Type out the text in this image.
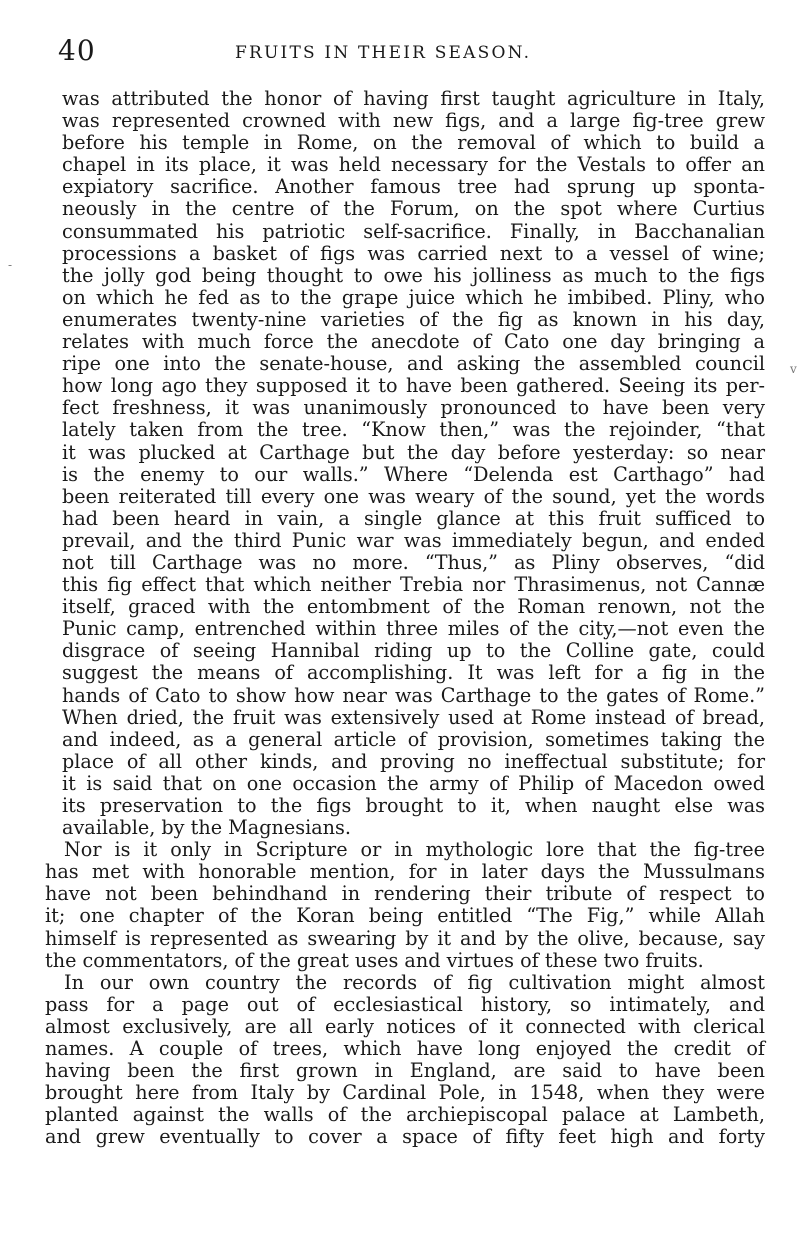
40	FRUITS IN THEIR SEASON.
was attributed the honor of having first taught agriculture in Italy,
was represented crowned with new figs, and a large fig-tree grew
before his temple in Rome, on the removal of which to build a
chapel in its place, it was held necessary for the Vestals to offer an
expiatory sacrifice. Another famous tree had sprung up sponta-
neously in the centre of the Forum, on the spot where Curtius
consummated his patriotic self-sacrifice. Finally, in Bacchanalian
processions a basket of figs was carried next to a vessel of wine;
the jolly god being thought to owe his jolliness as much to the figs
on which he fed as to the grape juice which he imbibed. Pliny, who
enumerates twenty-nine varieties of the fig as known in his day,
relates with much force the anecdote of Cato one day bringing a
ripe one into the senate-house, and asking the assembled council
how long ago they supposed it to have been gathered. Seeing its per-
fect freshness, it was unanimously pronounced to have been very
lately taken from the tree. “Know then,” was the rejoinder, “that
it was plucked at Carthage but the day before yesterday: so near
is the enemy to our walls.” Where “Delenda est Carthago” had
been reiterated till every one was weary of the sound, yet the words
had been heard in vain, a single glance at this fruit sufficed to
prevail, and the third Punic war was immediately begun, and ended
not till Carthage was no more. “Thus,” as Pliny observes, “did
this fig effect that which neither Trebia nor Thrasimenus, not Cannæ
itself, graced with the entombment of the Roman renown, not the
Punic camp, entrenched within three miles of the city,—not even the
disgrace of seeing Hannibal riding up to the Colline gate, could
suggest the means of accomplishing. It was left for a fig in the
hands of Cato to show how near was Carthage to the gates of Rome.”
When dried, the fruit was extensively used at Rome instead of bread,
and indeed, as a general article of provision, sometimes taking the
place of all other kinds, and proving no ineffectual substitute; for
it is said that on one occasion the army of Philip of Macedon owed
its preservation to the figs brought to it, when naught else was
available, by the Magnesians.
Nor is it only in Scripture or in mythologic lore that the fig-tree
has met with honorable mention, for in later days the Mussulmans
have not been behindhand in rendering their tribute of respect to
it; one chapter of the Koran being entitled “The Fig,” while Allah
himself is represented as swearing by it and by the olive, because, say
the commentators, of the great uses and virtues of these two fruits.
In our own country the records of fig cultivation might almost
pass for a page out of ecclesiastical history, so intimately, and
almost exclusively, are all early notices of it connected with clerical
names. A couple of trees, which have long enjoyed the credit of
having been the first grown in England, are said to have been
brought here from Italy by Cardinal Pole, in 1548, when they were
planted against the walls of the archiepiscopal palace at Lambeth,
and grew eventually to cover a space of fifty feet high and forty
-
v
